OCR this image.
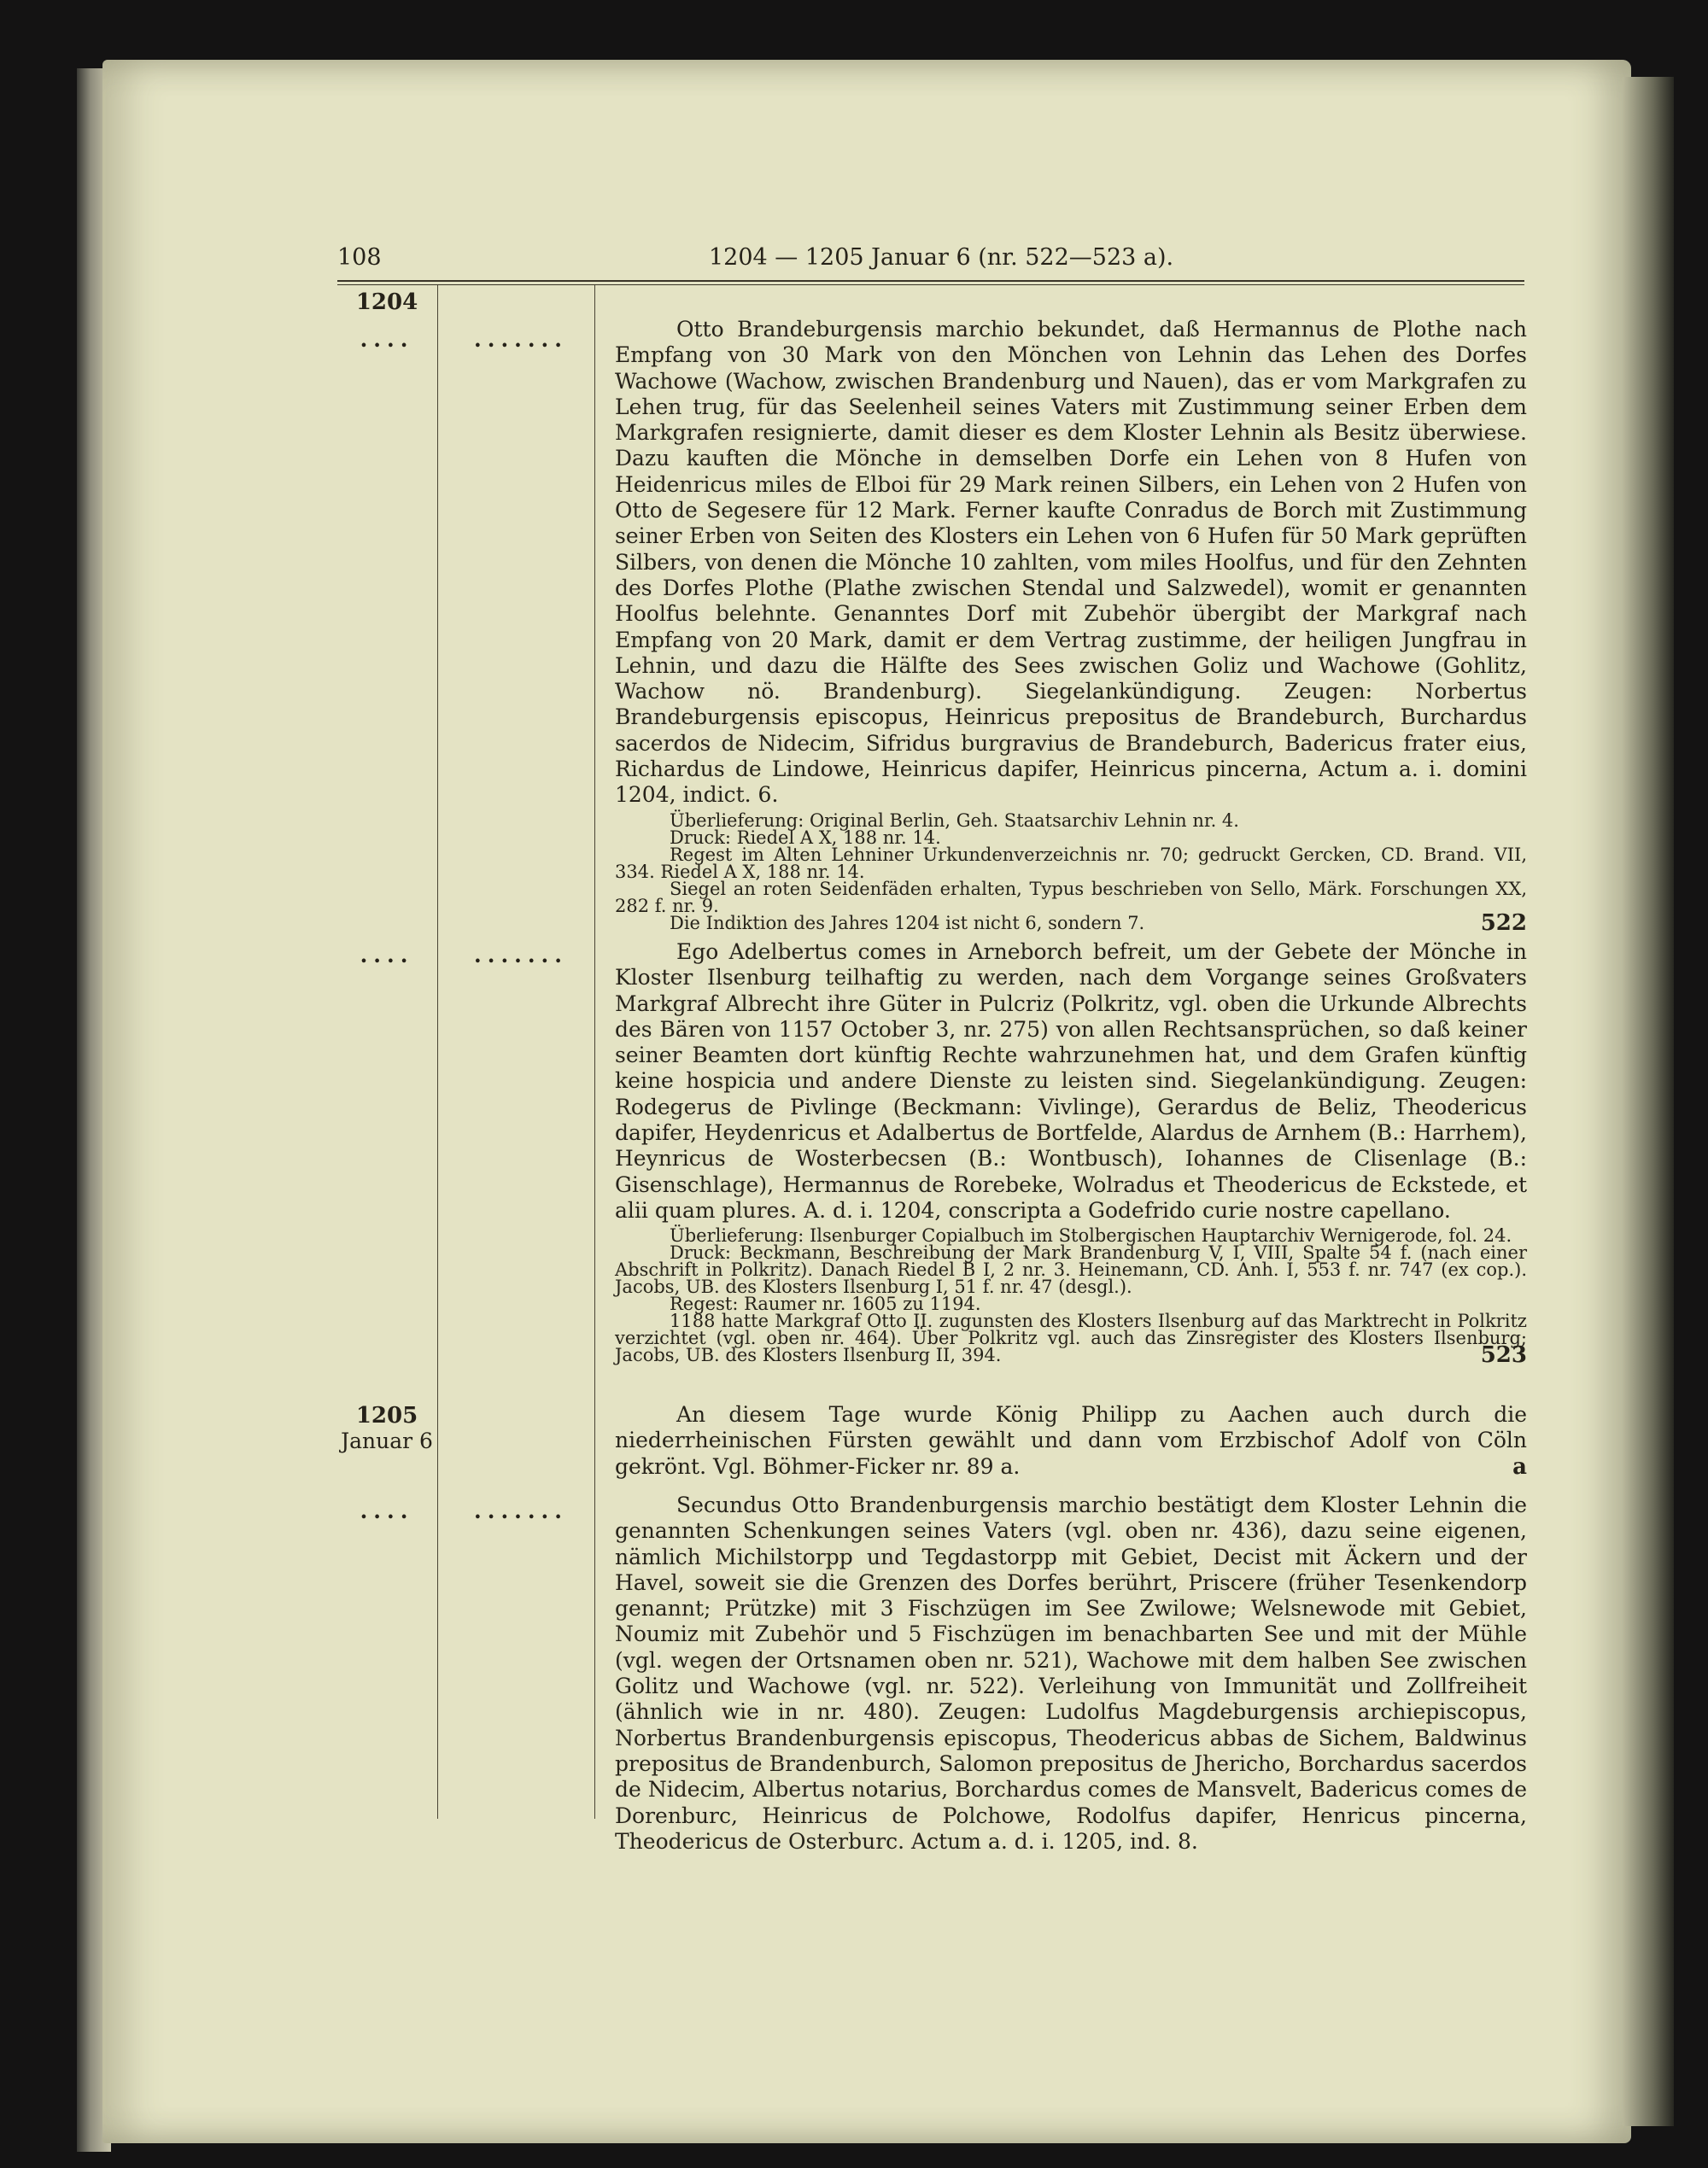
108	1204 — 1205 Januar 6 (nr. 522—523 a).
1204
....	.......	Otto Brandeburgensis marchio bekundet, daß Hermannus de Plothe nach Empfang von 30 Mark von den Mönchen von Lehnin das Lehen des Dorfes Wachowe (Wachow, zwischen Brandenburg und Nauen), das er vom Markgrafen zu Lehen trug, für das Seelenheil seines Vaters mit Zustimmung seiner Erben dem Markgrafen resignierte, damit dieser es dem Kloster Lehnin als Besitz überwiese. Dazu kauften die Mönche in demselben Dorfe ein Lehen von 8 Hufen von Heidenricus miles de Elboi für 29 Mark reinen Silbers, ein Lehen von 2 Hufen von Otto de Segesere für 12 Mark. Ferner kaufte Conradus de Borch mit Zustimmung seiner Erben von Seiten des Klosters ein Lehen von 6 Hufen für 50 Mark geprüften Silbers, von denen die Mönche 10 zahlten, vom miles Hoolfus, und für den Zehnten des Dorfes Plothe (Plathe zwischen Stendal und Salzwedel), womit er genannten Hoolfus belehnte. Genanntes Dorf mit Zubehör übergibt der Markgraf nach Empfang von 20 Mark, damit er dem Vertrag zustimme, der heiligen Jungfrau in Lehnin, und dazu die Hälfte des Sees zwischen Goliz und Wachowe (Gohlitz, Wachow nö. Brandenburg). Siegelankündigung. Zeugen: Norbertus Brandeburgensis episcopus, Heinricus prepositus de Brandeburch, Burchardus sacerdos de Nidecim, Sifridus burgravius de Brandeburch, Badericus frater eius, Richardus de Lindowe, Heinricus dapifer, Heinricus pincerna, Actum a. i. domini 1204, indict. 6.

Überlieferung: Original Berlin, Geh. Staatsarchiv Lehnin nr. 4.

Druck: Riedel A X, 188 nr. 14.

Regest im Alten Lehniner Urkundenverzeichnis nr. 70; gedruckt Gercken, CD. Brand. VII, 334. Riedel A X, 188 nr. 14.

Siegel an roten Seidenfäden erhalten, Typus beschrieben von Sello, Märk. Forschungen XX, 282 f. nr. 9.

Die Indiktion des Jahres 1204 ist nicht 6, sondern 7.	522

....	.......	Ego Adelbertus comes in Arneborch befreit, um der Gebete der Mönche in Kloster Ilsenburg teilhaftig zu werden, nach dem Vorgange seines Großvaters Markgraf Albrecht ihre Güter in Pulcriz (Polkritz, vgl. oben die Urkunde Albrechts des Bären von 1157 October 3, nr. 275) von allen Rechtsansprüchen, so daß keiner seiner Beamten dort künftig Rechte wahrzunehmen hat, und dem Grafen künftig keine hospicia und andere Dienste zu leisten sind. Siegelankündigung. Zeugen: Rodegerus de Pivlinge (Beckmann: Vivlinge), Gerardus de Beliz, Theodericus dapifer, Heydenricus et Adalbertus de Bortfelde, Alardus de Arnhem (B.: Harrhem), Heynricus de Wosterbecsen (B.: Wontbusch), Iohannes de Clisenlage (B.: Gisenschlage), Hermannus de Rorebeke, Wolradus et Theodericus de Eckstede, et alii quam plures. A. d. i. 1204, conscripta a Godefrido curie nostre capellano.

Überlieferung: Ilsenburger Copialbuch im Stolbergischen Hauptarchiv Wernigerode, fol. 24.

Druck: Beckmann, Beschreibung der Mark Brandenburg V, I, VIII, Spalte 54 f. (nach einer Abschrift in Polkritz). Danach Riedel B I, 2 nr. 3. Heinemann, CD. Anh. I, 553 f. nr. 747 (ex cop.). Jacobs, UB. des Klosters Ilsenburg I, 51 f. nr. 47 (desgl.).

Regest: Raumer nr. 1605 zu 1194.

1188 hatte Markgraf Otto II. zugunsten des Klosters Ilsenburg auf das Marktrecht in Polkritz verzichtet (vgl. oben nr. 464). Über Polkritz vgl. auch das Zinsregister des Klosters Ilsenburg; Jacobs, UB. des Klosters Ilsenburg II, 394.	523

1205
Januar 6

An diesem Tage wurde König Philipp zu Aachen auch durch die niederrheinischen Fürsten gewählt und dann vom Erzbischof Adolf von Cöln gekrönt. Vgl. Böhmer-Ficker nr. 89 a.	a

....	.......	Secundus Otto Brandenburgensis marchio bestätigt dem Kloster Lehnin die genannten Schenkungen seines Vaters (vgl. oben nr. 436), dazu seine eigenen, nämlich Michilstorpp und Tegdastorpp mit Gebiet, Decist mit Äckern und der Havel, soweit sie die Grenzen des Dorfes berührt, Priscere (früher Tesenkendorp genannt; Prützke) mit 3 Fischzügen im See Zwilowe; Welsnewode mit Gebiet, Noumiz mit Zubehör und 5 Fischzügen im benachbarten See und mit der Mühle (vgl. wegen der Ortsnamen oben nr. 521), Wachowe mit dem halben See zwischen Golitz und Wachowe (vgl. nr. 522). Verleihung von Immunität und Zollfreiheit (ähnlich wie in nr. 480). Zeugen: Ludolfus Magdeburgensis archiepiscopus, Norbertus Brandenburgensis episcopus, Theodericus abbas de Sichem, Baldwinus prepositus de Brandenburch, Salomon prepositus de Jhericho, Borchardus sacerdos de Nidecim, Albertus notarius, Borchardus comes de Mansvelt, Badericus comes de Dorenburc, Heinricus de Polchowe, Rodolfus dapifer, Henricus pincerna, Theodericus de Osterburc. Actum a. d. i. 1205, ind. 8.
